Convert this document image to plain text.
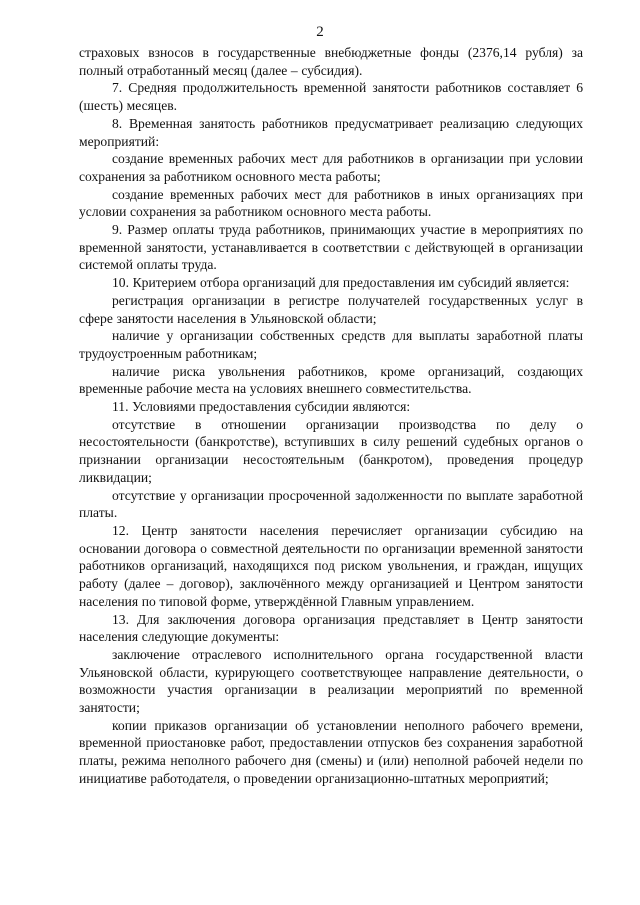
2

страховых взносов в государственные внебюджетные фонды (2376,14 рубля) за полный отработанный месяц (далее – субсидия).

7. Средняя продолжительность временной занятости работников составляет 6 (шесть) месяцев.

8. Временная занятость работников предусматривает реализацию следующих мероприятий:

создание временных рабочих мест для работников в организации при условии сохранения за работником основного места работы;

создание временных рабочих мест для работников в иных организациях при условии сохранения за работником основного места работы.

9. Размер оплаты труда работников, принимающих участие в мероприятиях по временной занятости, устанавливается в соответствии с действующей в организации системой оплаты труда.

10. Критерием отбора организаций для предоставления им субсидий является:

регистрация организации в регистре получателей государственных услуг в сфере занятости населения в Ульяновской области;

наличие у организации собственных средств для выплаты заработной платы трудоустроенным работникам;

наличие риска увольнения работников, кроме организаций, создающих временные рабочие места на условиях внешнего совместительства.

11. Условиями предоставления субсидии являются:

отсутствие в отношении организации производства по делу о несостоятельности (банкротстве), вступивших в силу решений судебных органов о признании организации несостоятельным (банкротом), проведения процедур ликвидации;

отсутствие у организации просроченной задолженности по выплате заработной платы.

12. Центр занятости населения перечисляет организации субсидию на основании договора о совместной деятельности по организации временной занятости работников организаций, находящихся под риском увольнения, и граждан, ищущих работу (далее – договор), заключённого между организацией и Центром занятости населения по типовой форме, утверждённой Главным управлением.

13. Для заключения договора организация представляет в Центр занятости населения следующие документы:

заключение отраслевого исполнительного органа государственной власти Ульяновской области, курирующего соответствующее направление деятельности, о возможности участия организации в реализации мероприятий по временной занятости;

копии приказов организации об установлении неполного рабочего времени, временной приостановке работ, предоставлении отпусков без сохранения заработной платы, режима неполного рабочего дня (смены) и (или) неполной рабочей недели по инициативе работодателя, о проведении организационно-штатных мероприятий;
